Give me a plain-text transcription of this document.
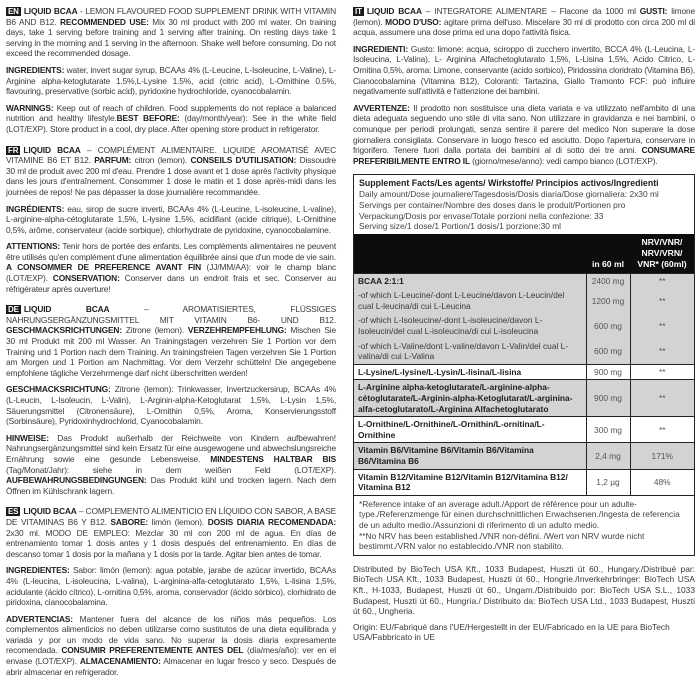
EN LIQUID BCAA - LEMON FLAVOURED FOOD SUPPLEMENT DRINK WITH VITAMIN B6 AND B12. RECOMMENDED USE: Mix 30 ml product with 200 ml water. On training days, take 1 serving before training and 1 serving after training. On resting days take 1 serving in the morning and 1 serving in the afternoon. Shake well before consuming. Do not exceed the recommended dosage.
INGREDIENTS: water, invert sugar syrup, BCAAs 4% (L-Leucine, L-Isoleucine, L-Valine), L-Arginine alpha-ketoglutarate 1.5%,L-Lysine 1.5%, acid (citric acid), L-Ornithine 0.5%, flavouring, preservative (sorbic acid), pyridoxine hydrochloride, cyanocobalamin.
WARNINGS: Keep out of reach of children. Food supplements do not replace a balanced nutrition and healthy lifestyle.BEST BEFORE: (day/month/year): See in the white field (LOT/EXP). Store product in a cool, dry place. After opening store product in refrigerator.
FR LIQUID BCAA – COMPLÉMENT ALIMENTAIRE. LIQUIDE AROMATISÉ AVEC VITAMINE B6 ET B12. PARFUM: citron (lemon). CONSEILS D'UTILISATION: Dissoudre 30 ml de produit avec 200 ml d'eau. Prendre 1 dose avant et 1 dose après l'activity physique dans les jours d'entraînement. Consommer 1 dose le matin et 1 dose après-midi dans les journées de repos! Ne pas dépasser la dose journalière recommandée.
INGRÉDIENTS: eau, sirop de sucre inverti, BCAAs 4% (L-Leucine, L-isoleucine, L-valine), L-arginine-alpha-cétoglutarate 1,5%, L-lysine 1,5%, acidifiant (acide citrique), L-Ornithine 0,5%, arôme, conservateur (acide sorbique), chlorhydrate de pyridoxine, cyanocobalamine.
ATTENTIONS: Tenir hors de portée des enfants. Les compléments alimentaires ne peuvent être utilisés qu'en complément d'une alimentation équilibrée ainsi que d'un mode de vie sain. A CONSOMMER DE PREFERENCE AVANT FIN (JJ/MM/AA): voir le champ blanc (LOT/EXP). CONSERVATION: Conserver dans un endroit frais et sec. Conserver au réfrigérateur après ouverture!
DE LIQUID BCAA – AROMATISIERTES, FLÜSSIGES NAHRUNGSERGÄNZUNGSMITTEL MIT VITAMIN B6- UND B12. GESCHMACKSRICHTUNGEN: Zitrone (lemon). VERZEHREMPFEHLUNG: Mischen Sie 30 ml Produkt mit 200 ml Wasser. An Trainingstagen verzehren Sie 1 Portion vor dem Training und 1 Portion nach dem Training. An trainingsfreien Tagen verzehren Sie 1 Portion am Morgen und 1 Portion am Nachmittag. Vor dem Verzehr schütteln! Die angegebene empfohlene tägliche Verzehrmenge darf nicht überschritten werden!
GESCHMACKSRICHTUNG: Zitrone (lemon): Trinkwasser, Invertzuckersirup, BCAAs 4% (L-Leucin, L-Isoleucin, L-Valin), L-Arginin-alpha-Ketoglutarat 1,5%, L-Lysin 1,5%, Säuerungsmittel (Citronensäure), L-Ornithin 0,5%, Aroma, Konservierungsstoff (Sorbinsäure), Pyridoxinhydrochlorid, Cyanocobalamin.
HINWEISE: Das Produkt außerhalb der Reichweite von Kindern aufbewahren! Nahrungsergänzungsmittel sind kein Ersatz für eine ausgewogene und abwechslungsreiche Ernährung sowie eine gesunde Lebensweise. MINDESTENS HALTBAR BIS (Tag/Monat/Jahr): siehe in dem weißen Feld (LOT/EXP). AUFBEWAHRUNGSBEDINGUNGEN: Das Produkt kühl und trocken lagern. Nach dem Öffnen im Kühlschrank lagern.
ES LIQUID BCAA – COMPLEMENTO ALIMENTICIO EN LÍQUIDO CON SABOR, A BASE DE VITAMINAS B6 Y B12. SABORE: limón (lemon). DOSIS DIARIA RECOMENDADA: 2x30 ml. MODO DE EMPLEO: Mezclar 30 ml con 200 ml de agua. En días de entrenamiento tomar 1 dosis antes y 1 dosis después del entrenamiento. En días de descanso tomar 1 dosis por la mañana y 1 dosis por la tarde. Agitar bien antes de tomar.
INGREDIENTES: Sabor: limón (lemon): agua potable, jarabe de azúcar invertido, BCAAs 4% (L-leucina, L-isoleucina, L-valina), L-arginina-alfa-cetoglutarato 1,5%, L-lisina 1,5%, acidulante (ácido cítrico), L-ornitina 0,5%, aroma, conservador (ácido sórbico), clorhidrato de piridoxina, cianocobalamina.
ADVERTENCIAS: Mantener fuera del alcance de los niños más pequeños. Los complementos alimenticios no deben utilizarse como sustitutos de una dieta equilibrada y variada y por un modo de vida sano. No superar la dosis diaria expresamente recomendada. CONSUMIR PREFERENTEMENTE ANTES DEL (día/mes/año): ver en el envase (LOT/EXP). ALMACENAMIENTO: Almacenar en lugar fresco y seco. Después de abrir almacenar en refrigerador.
IT LIQUID BCAA – INTEGRATORE ALIMENTARE – Flacone da 1000 ml GUSTI: limone (lemon). MODO D'USO: agitare prima dell'uso. Miscelare 30 ml di prodotto con circa 200 ml di acqua, assumere una dose prima ed una dopo l'attività fisica.
INGREDIENTI: Gusto: limone: acqua, sciroppo di zucchero invertito, BCCA 4% (L-Leucina, L-Isoleucina, L-Valina), L- Arginina Alfachetoglutarato 1,5%, L-Lisina 1,5%, Acido Citrico, L-Ornitina 0,5%, aroma: Limone, conservante (acido sorbico), Piridossina cloridrato (Vitamina B6), Cianocobalamina (Vitamina B12), Coloranti: Tartazina, Giallo Tramonto FCF: può influire negativamente sull'attività e l'attenzione dei bambini.
AVVERTENZE: Il prodotto non sostituisce una dieta variata e va utilizzato nell'ambito di una dieta adeguata seguendo uno stile di vita sano. Non utilizzare in gravidanza e nei bambini, o comunque per periodi prolungati, senza sentire il parere del medico Non superare la dose giornaliera consigliata. Conservare in luogo fresco ed asciutto. Dopo l'apertura, conservare in frigorifero. Tenere fuori dalla portata dei bambini al di sotto dei tre anni. CONSUMARE PREFERIBILMENTE ENTRO IL (giorno/mese/anno): vedi campo bianco (LOT/EXP).
Supplement Facts/Les agents/ Wirkstoffe/ Principios activos/Ingredienti
Daily amount/Dose journaliere/Tagesdosis/Dosis diaria/Dose giornaliera: 2x30 ml
Servings per container/Nombre des doses dans le produit/Portionen pro Verpackung/Dosis por envase/Totale porzioni nella confezione: 33
Serving size/1 dose/1 Portion/1 dosis/1 porzione:30 ml
	in 60 ml	NRV/VNR/ NRV/VRN/ VNR* (60ml)
BCAA 2:1:1	2400 mg	**
-of which L-Leucine/-dont L-Leucine/davon L-Leucin/del cual L-leucina/di cui L-Leucina	1200 mg	**
-of which L-Isoleucine/-dont L-isoleucine/davon L-Isoleucin/del cual L-isoleucina/di cui L-isoleucina	600 mg	**
-of which L-Valine/dont L-valine/davon L-Valin/del cual L-valina/di cui L-Valina	600 mg	**
L-Lysine/L-lysine/L-Lysin/L-lisina/L-lisina	900 mg	**
L-Arginine alpha-ketoglutarate/L-arginine-alpha-cétoglutarate/L-Arginin-alpha-Ketoglutarat/L-arginina-alfa-cetoglutarato/L-Arginina Alfachetoglutarato	900 mg	**
L-Ornithine/L-Ornithine/L-Ornithin/L-ornitina/L-Ornithine	300 mg	**
Vitamin B6/Vitamine B6/Vitamin B6/Vitamina B6/Vitamina B6	2,4 mg	171%
Vitamin B12/Vitamine B12/Vitamin B12/Vitamina B12/ Vitamina B12	1,2 µg	48%
*Reference intake of an average adult./Apport de référence pour un adulte-type./Referenzmenge für einen durchschnittlichen Erwachsenen./Ingesta de referencia de un adulto medio./Assunzioni di riferimento di un adulto medio.
**No NRV has been established./VNR non-défini. /Wert von NRV wurde nicht bestimmt./VRN valor no establecido./VNR non stabilito.
Distributed by BioTech USA Kft., 1033 Budapest, Huszti út 60., Hungary./Distribué par: BioTech USA Kft., 1033 Budapest, Huszti út 60., Hongrie./Inverkehrbringer: BioTech USA Kft., H-1033, Budapest, Huszti út 60., Ungarn./Distribuido por: BioTech USA S.L., 1033 Budapest, Huszti út 60., Hungría./ Distribuito da: BioTech USA Ltd., 1033 Budapest, Huszti út 60., Ungheria.
Origin: EU/Fabriqué dans l'UE/Hergestellt in der EU/Fabricado en la UE para BioTech USA/Fabbricato in UE
